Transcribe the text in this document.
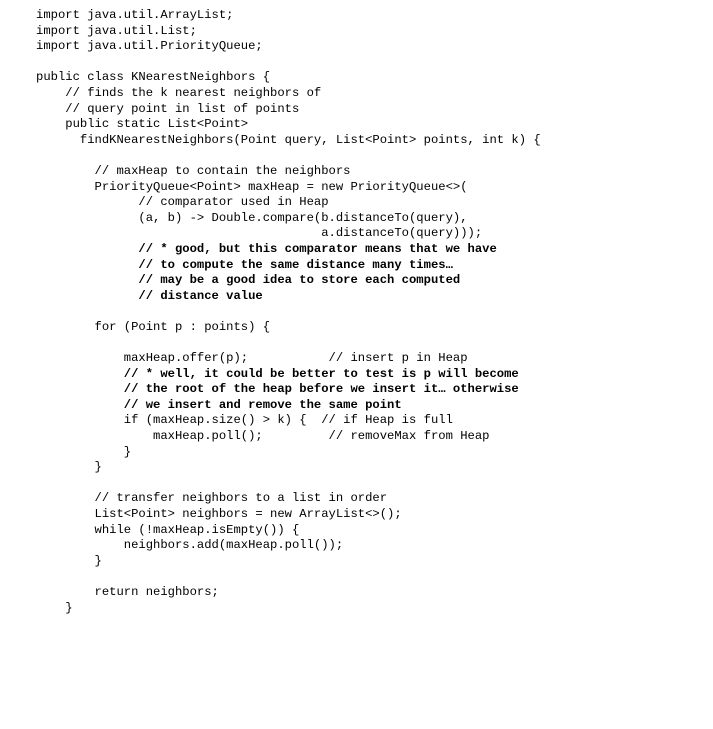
import java.util.ArrayList;
import java.util.List;
import java.util.PriorityQueue;
public class KNearestNeighbors {
// finds the k nearest neighbors of
// query point in list of points
public static List<Point>
findKNearestNeighbors(Point query, List<Point> points, int k) {
// maxHeap to contain the neighbors
PriorityQueue<Point> maxHeap = new PriorityQueue<>(
// comparator used in Heap
(a, b) -> Double.compare(b.distanceTo(query),
a.distanceTo(query)));
// * good, but this comparator means that we have
// to compute the same distance many times…
// may be a good idea to store each computed
// distance value
for (Point p : points) {
maxHeap.offer(p);           // insert p in Heap
// * well, it could be better to test is p will become
// the root of the heap before we insert it… otherwise
// we insert and remove the same point
if (maxHeap.size() > k) {  // if Heap is full
maxHeap.poll();         // removeMax from Heap
}
}
// transfer neighbors to a list in order
List<Point> neighbors = new ArrayList<>();
while (!maxHeap.isEmpty()) {
neighbors.add(maxHeap.poll());
}
return neighbors;
}
